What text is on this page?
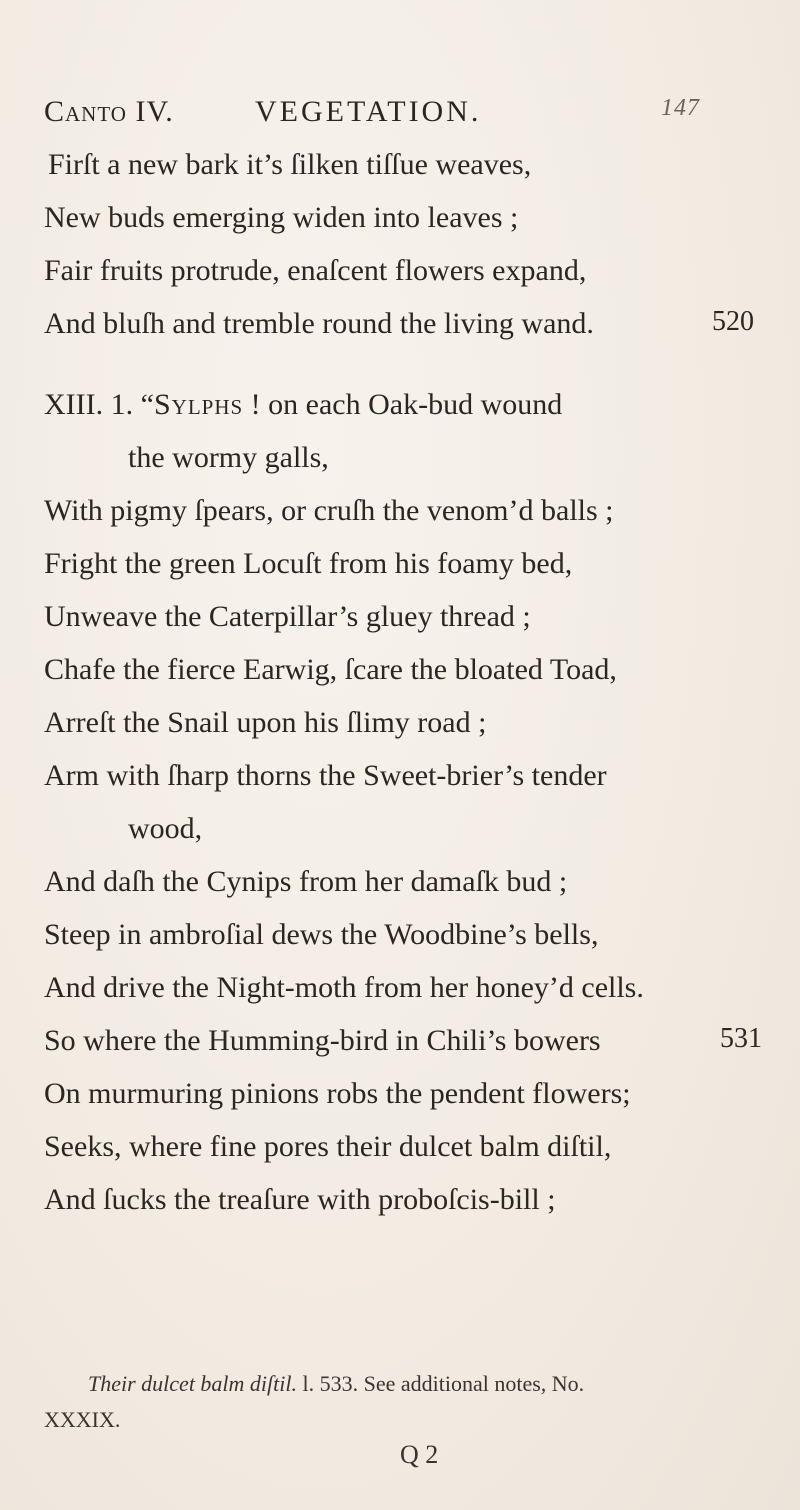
Canto IV.	VEGETATION.	147
Firſt a new bark it’s ſilken tiſſue weaves,
New buds emerging widen into leaves ;
Fair fruits protrude, enaſcent flowers expand,
And bluſh and tremble round the living wand.	520
XIII. 1. “Sylphs ! on each Oak-bud wound
the wormy galls,
With pigmy ſpears, or cruſh the venom’d balls ;
Fright the green Locuſt from his foamy bed,
Unweave the Caterpillar’s gluey thread ;
Chafe the fierce Earwig, ſcare the bloated Toad,
Arreſt the Snail upon his ſlimy road ;
Arm with ſharp thorns the Sweet-brier’s tender
wood,
And daſh the Cynips from her damaſk bud ;
Steep in ambroſial dews the Woodbine’s bells,
And drive the Night-moth from her honey’d cells.
So where the Humming-bird in Chili’s bowers	531
On murmuring pinions robs the pendent flowers;
Seeks, where fine pores their dulcet balm diſtil,
And ſucks the treaſure with proboſcis-bill ;
Their dulcet balm diſtil. l. 533. See additional notes, No.
XXXIX.
Q 2
